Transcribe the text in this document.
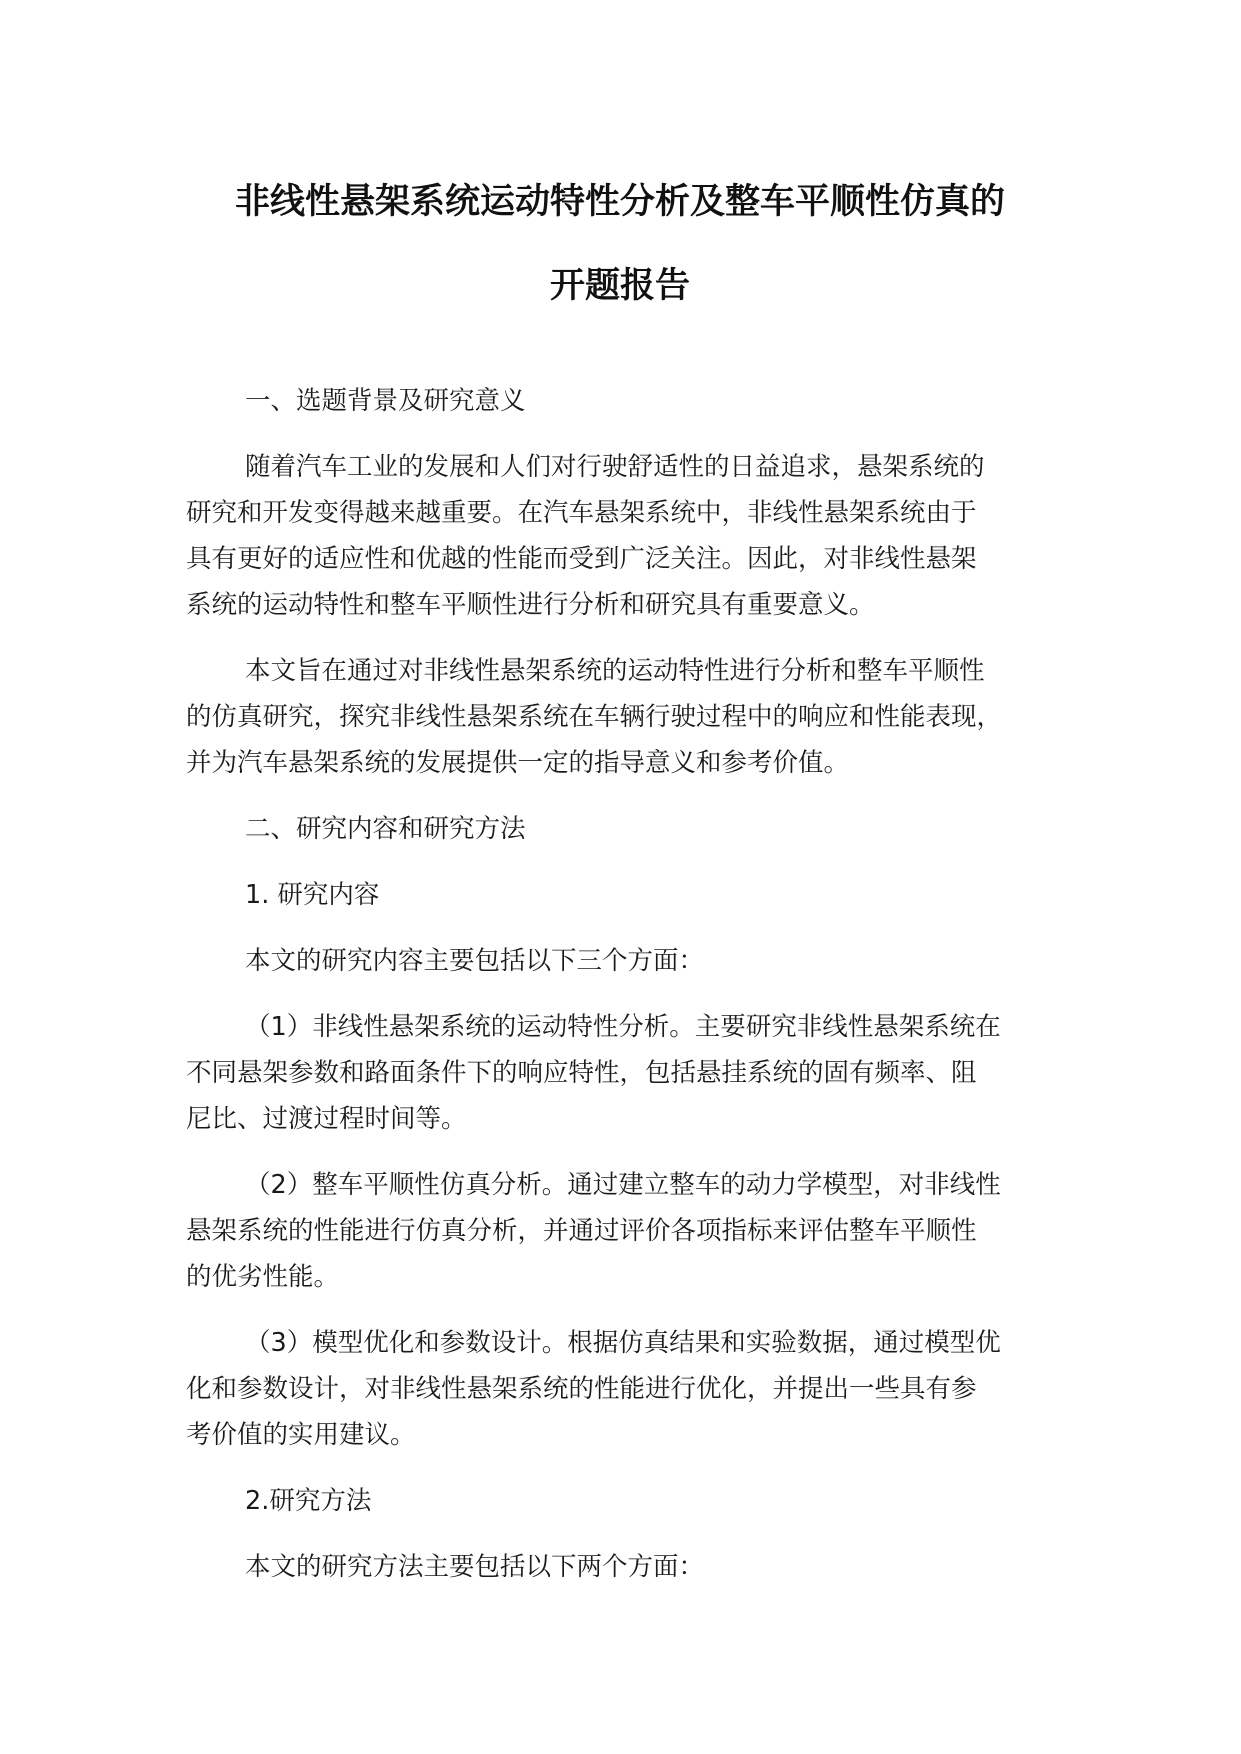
非线性悬架系统运动特性分析及整车平顺性仿真的
开题报告

一、选题背景及研究意义

随着汽车工业的发展和人们对行驶舒适性的日益追求，悬架系统的
研究和开发变得越来越重要。在汽车悬架系统中，非线性悬架系统由于
具有更好的适应性和优越的性能而受到广泛关注。因此，对非线性悬架
系统的运动特性和整车平顺性进行分析和研究具有重要意义。

本文旨在通过对非线性悬架系统的运动特性进行分析和整车平顺性
的仿真研究，探究非线性悬架系统在车辆行驶过程中的响应和性能表现，
并为汽车悬架系统的发展提供一定的指导意义和参考价值。

二、研究内容和研究方法

1. 研究内容

本文的研究内容主要包括以下三个方面：

（1）非线性悬架系统的运动特性分析。主要研究非线性悬架系统在
不同悬架参数和路面条件下的响应特性，包括悬挂系统的固有频率、阻
尼比、过渡过程时间等。

（2）整车平顺性仿真分析。通过建立整车的动力学模型，对非线性
悬架系统的性能进行仿真分析，并通过评价各项指标来评估整车平顺性
的优劣性能。

（3）模型优化和参数设计。根据仿真结果和实验数据，通过模型优
化和参数设计，对非线性悬架系统的性能进行优化，并提出一些具有参
考价值的实用建议。

2.研究方法

本文的研究方法主要包括以下两个方面：
